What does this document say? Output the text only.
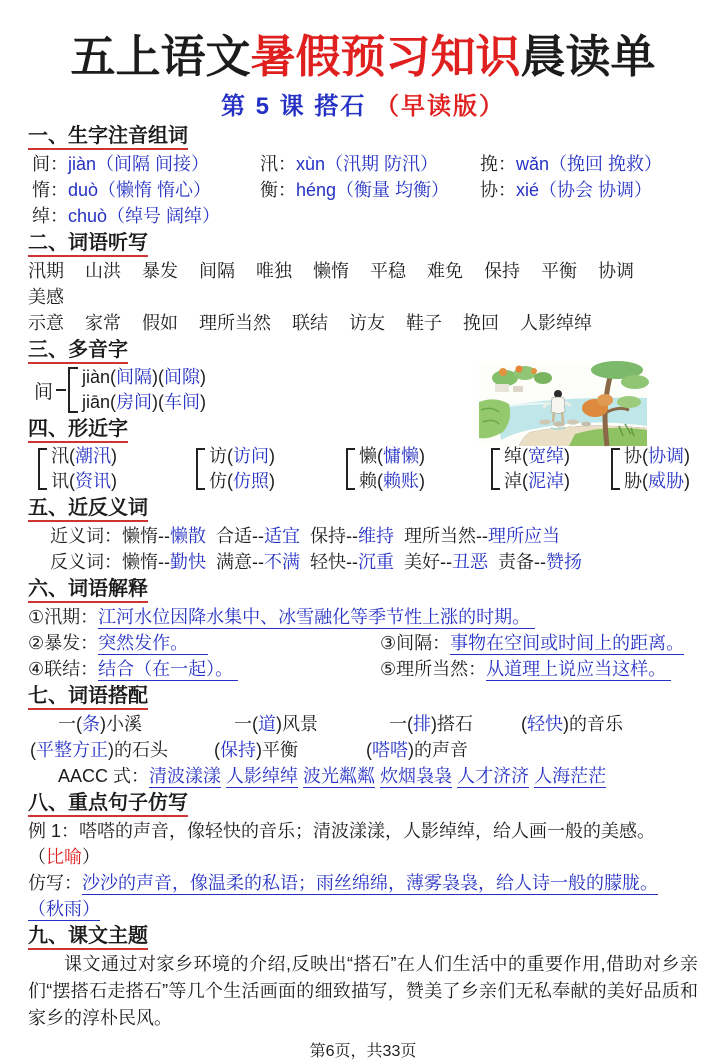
五上语文暑假预习知识晨读单
第 5 课 搭石 （早读版）
一、生字注音组词
间：jiàn（间隔 间接）	汛：xùn（汛期 防汛）	挽：wǎn（挽回 挽救）
惰：duò（懒惰 惰心）	衡：héng（衡量 均衡）	协：xié（协会 协调）
绰：chuò（绰号 阔绰）
二、词语听写
汛期 山洪 暴发 间隔 唯独 懒惰 平稳 难免 保持 平衡 协调美感
示意 家常 假如 理所当然 联结 访友 鞋子 挽回 人影绰绰
三、多音字
间
jiàn(间隔)(间隙)
jiān(房间)(车间)
四、形近字
汛(潮汛)
讯(资讯)
访(访问)
仿(仿照)
懒(慵懒)
赖(赖账)
绰(宽绰)
淖(泥淖)
协(协调)
胁(威胁)
五、近反义词
近义词：懒惰--懒散  合适--适宜  保持--维持  理所当然--理所应当
反义词：懒惰--勤快  满意--不满  轻快--沉重  美好--丑恶  责备--赞扬
六、词语解释
①汛期：江河水位因降水集中、冰雪融化等季节性上涨的时期。
②暴发：突然发作。	③间隔：事物在空间或时间上的距离。
④联结：结合（在一起）。	⑤理所当然：从道理上说应当这样。
七、词语搭配
一(条)小溪	一(道)风景	一(排)搭石	(轻快)的音乐
(平整方正)的石头	(保持)平衡	(嗒嗒)的声音
AACC 式：清波漾漾 人影绰绰 波光粼粼 炊烟袅袅 人才济济 人海茫茫
八、重点句子仿写
例 1：嗒嗒的声音，像轻快的音乐；清波漾漾，人影绰绰，给人画一般的美感。
（比喻）
仿写：沙沙的声音，像温柔的私语；雨丝绵绵，薄雾袅袅，给人诗一般的朦胧。
（秋雨）
九、课文主题
课文通过对家乡环境的介绍,反映出“搭石”在人们生活中的重要作用,借助对乡亲们“摆搭石走搭石”等几个生活画面的细致描写，赞美了乡亲们无私奉献的美好品质和家乡的淳朴民风。
第6页，共33页
